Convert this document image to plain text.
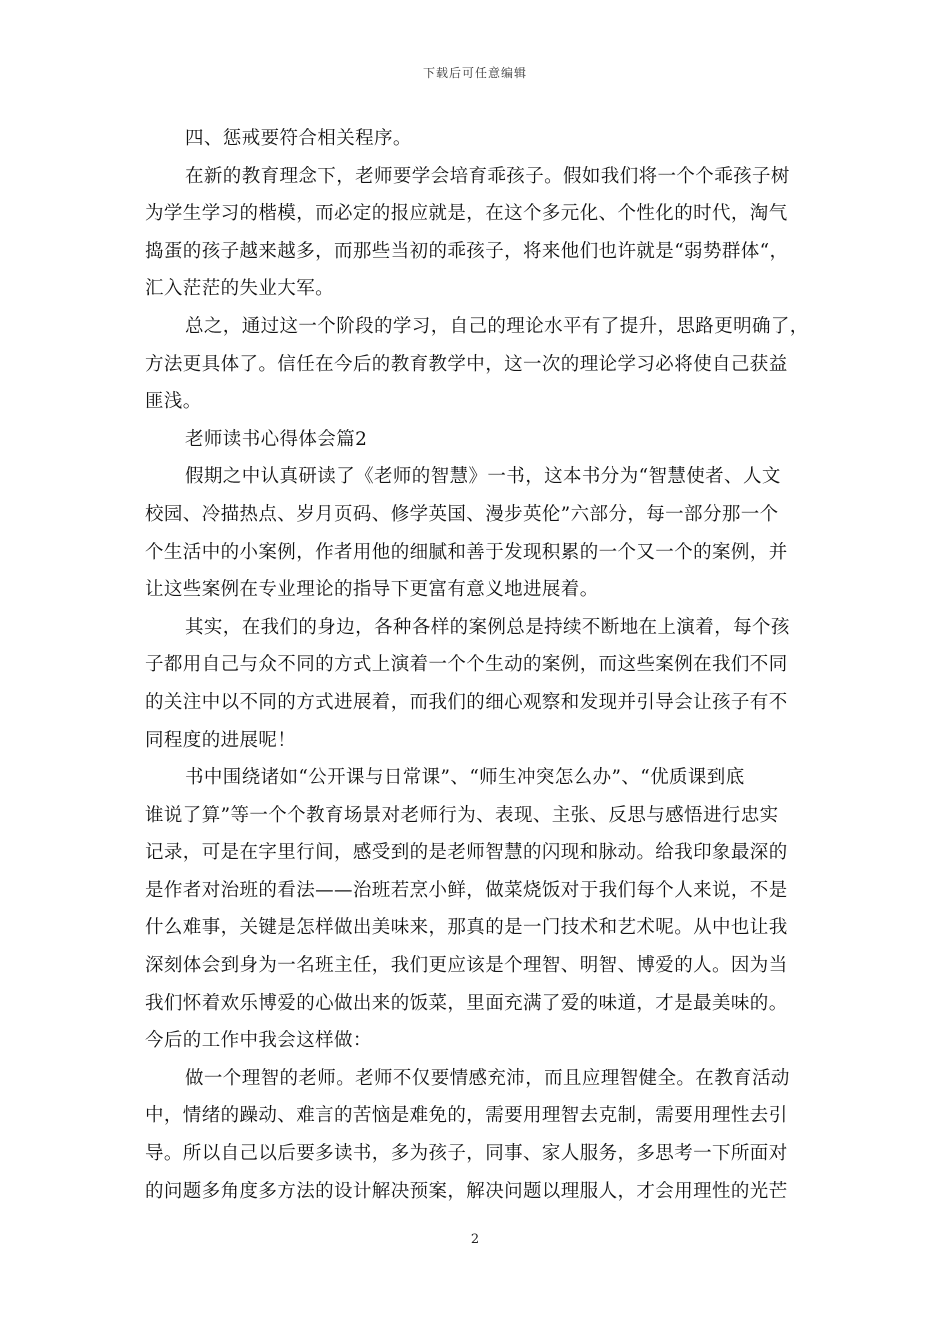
下载后可任意编辑
四、惩戒要符合相关程序。
在新的教育理念下，老师要学会培育乖孩子。假如我们将一个个乖孩子树
为学生学习的楷模，而必定的报应就是，在这个多元化、个性化的时代，淘气
捣蛋的孩子越来越多，而那些当初的乖孩子，将来他们也许就是“弱势群体“，
汇入茫茫的失业大军。
总之，通过这一个阶段的学习，自己的理论水平有了提升，思路更明确了，
方法更具体了。信任在今后的教育教学中，这一次的理论学习必将使自己获益
匪浅。
老师读书心得体会篇2
假期之中认真研读了《老师的智慧》一书，这本书分为“智慧使者、人文
校园、冷描热点、岁月页码、修学英国、漫步英伦”六部分，每一部分那一个
个生活中的小案例，作者用他的细腻和善于发现积累的一个又一个的案例，并
让这些案例在专业理论的指导下更富有意义地进展着。
其实，在我们的身边，各种各样的案例总是持续不断地在上演着，每个孩
子都用自己与众不同的方式上演着一个个生动的案例，而这些案例在我们不同
的关注中以不同的方式进展着，而我们的细心观察和发现并引导会让孩子有不
同程度的进展呢！
书中围绕诸如“公开课与日常课”、“师生冲突怎么办”、“优质课到底
谁说了算”等一个个教育场景对老师行为、表现、主张、反思与感悟进行忠实
记录，可是在字里行间，感受到的是老师智慧的闪现和脉动。给我印象最深的
是作者对治班的看法——治班若烹小鲜，做菜烧饭对于我们每个人来说，不是
什么难事，关键是怎样做出美味来，那真的是一门技术和艺术呢。从中也让我
深刻体会到身为一名班主任，我们更应该是个理智、明智、博爱的人。因为当
我们怀着欢乐博爱的心做出来的饭菜，里面充满了爱的味道，才是最美味的。
今后的工作中我会这样做：
做一个理智的老师。老师不仅要情感充沛，而且应理智健全。在教育活动
中，情绪的躁动、难言的苦恼是难免的，需要用理智去克制，需要用理性去引
导。所以自己以后要多读书，多为孩子，同事、家人服务，多思考一下所面对
的问题多角度多方法的设计解决预案，解决问题以理服人，才会用理性的光芒
2
